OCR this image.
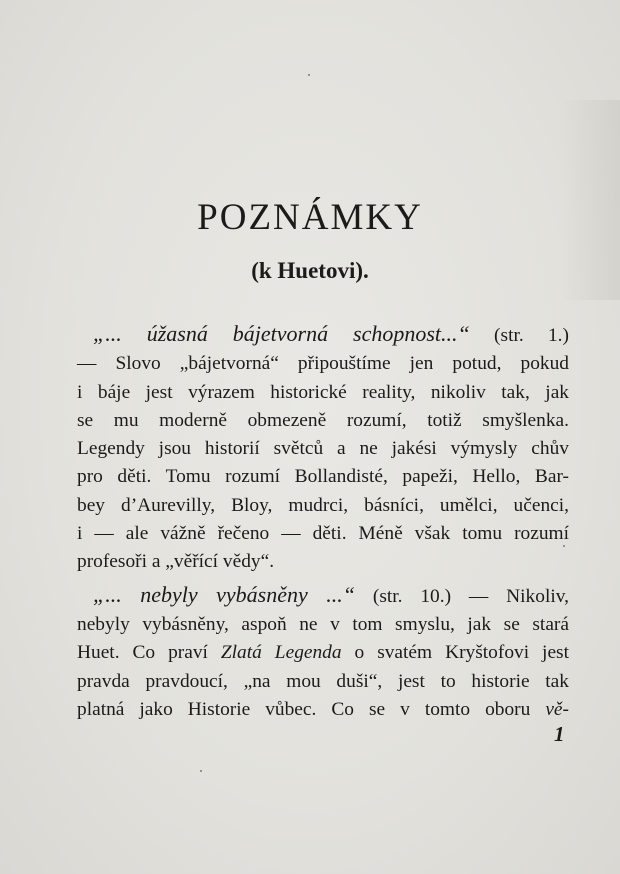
POZNÁMKY
(k Huetovi).

„... úžasná bájetvorná schopnost...“ (str. 1.)
— Slovo „bájetvorná“ připouštíme jen potud, pokud
i báje jest výrazem historické reality, nikoliv tak, jak
se mu moderně obmezeně rozumí, totiž smyšlenka.
Legendy jsou historií světců a ne jakési výmysly chův
pro děti. Tomu rozumí Bollandisté, papeži, Hello, Bar-
bey d’Aurevilly, Bloy, mudrci, básníci, umělci, učenci,
i — ale vážně řečeno — děti. Méně však tomu rozumí
profesoři a „věřící vědy“.

„... nebyly vybásněny ...“ (str. 10.) — Nikoliv,
nebyly vybásněny, aspoň ne v tom smyslu, jak se stará
Huet. Co praví Zlatá Legenda o svatém Kryštofovi jest
pravda pravdoucí, „na mou duši“, jest to historie tak
platná jako Historie vůbec. Co se v tomto oboru vě-

1
